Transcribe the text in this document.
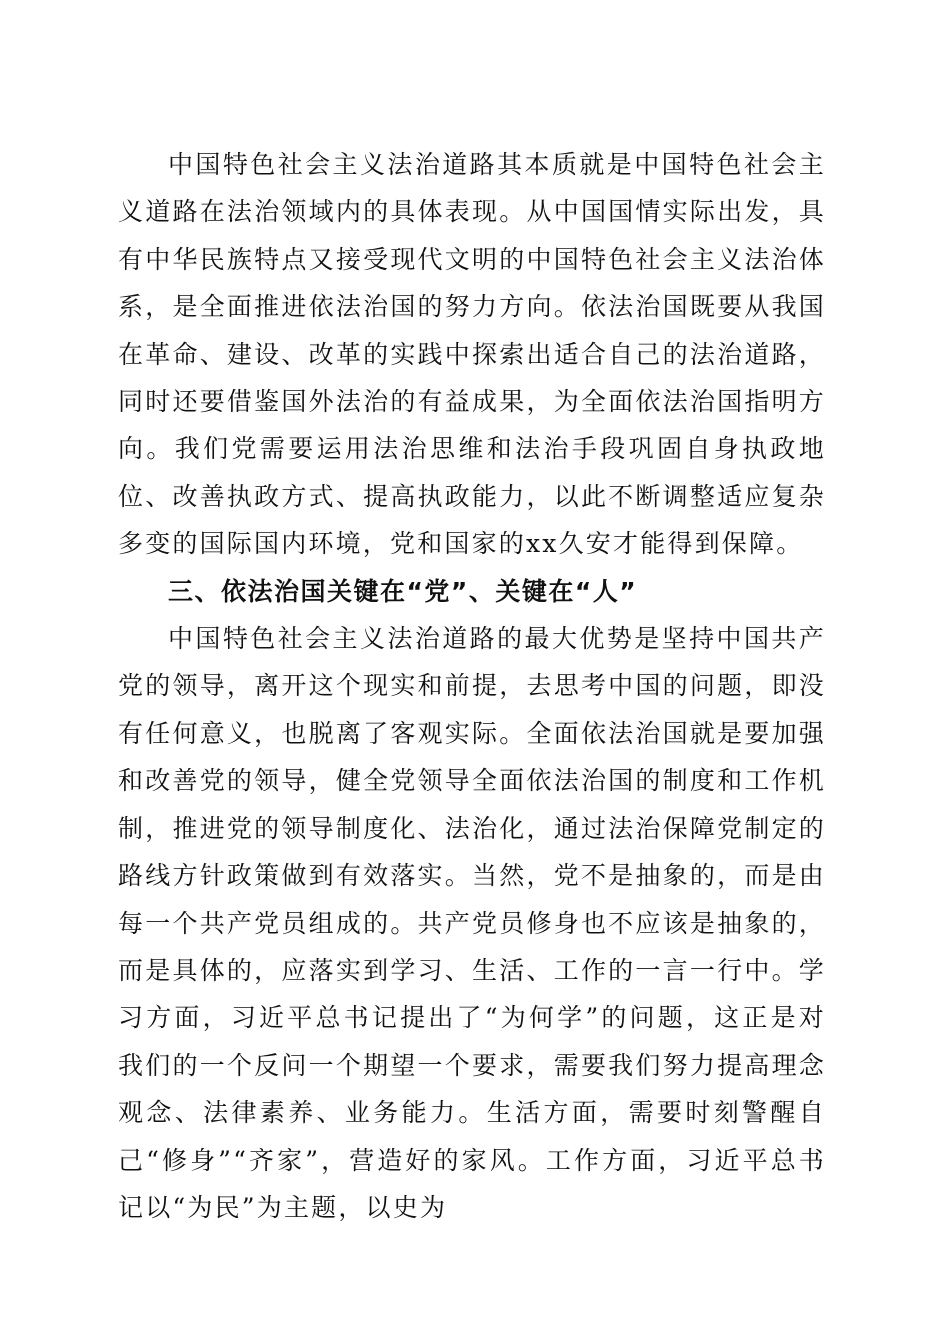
中国特色社会主义法治道路其本质就是中国特色社会主义道路在法治领域内的具体表现。从中国国情实际出发，具有中华民族特点又接受现代文明的中国特色社会主义法治体系，是全面推进依法治国的努力方向。依法治国既要从我国在革命、建设、改革的实践中探索出适合自己的法治道路，同时还要借鉴国外法治的有益成果，为全面依法治国指明方向。我们党需要运用法治思维和法治手段巩固自身执政地位、改善执政方式、提高执政能力，以此不断调整适应复杂多变的国际国内环境，党和国家的xx久安才能得到保障。

三、依法治国关键在“党”、关键在“人”

中国特色社会主义法治道路的最大优势是坚持中国共产党的领导，离开这个现实和前提，去思考中国的问题，即没有任何意义，也脱离了客观实际。全面依法治国就是要加强和改善党的领导，健全党领导全面依法治国的制度和工作机制，推进党的领导制度化、法治化，通过法治保障党制定的路线方针政策做到有效落实。当然，党不是抽象的，而是由每一个共产党员组成的。共产党员修身也不应该是抽象的，而是具体的，应落实到学习、生活、工作的一言一行中。学习方面，习近平总书记提出了“为何学”的问题，这正是对我们的一个反问一个期望一个要求，需要我们努力提高理念观念、法律素养、业务能力。生活方面，需要时刻警醒自己“修身”“齐家”，营造好的家风。工作方面，习近平总书记以“为民”为主题，以史为
